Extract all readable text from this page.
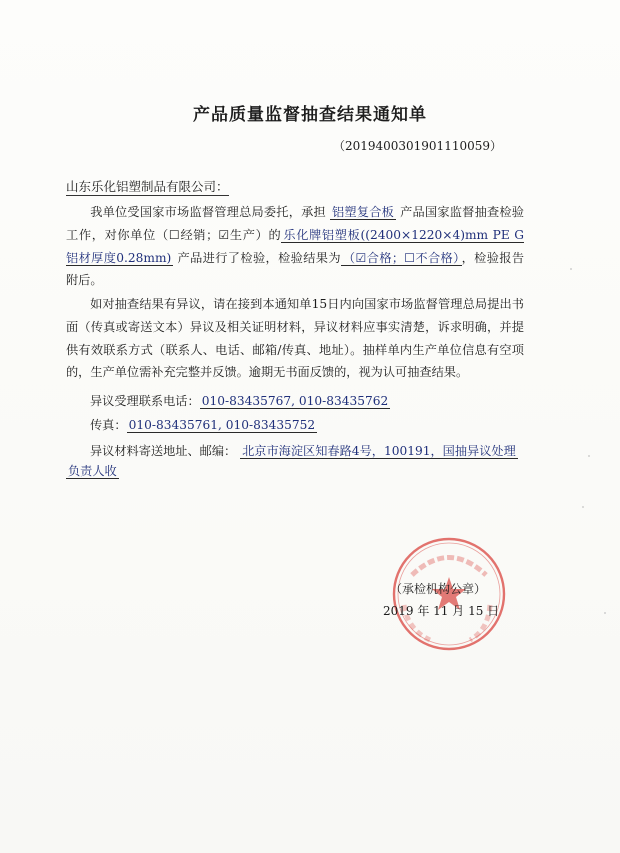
产品质量监督抽查结果通知单
（2019400301901110059）
山东乐化铝塑制品有限公司：
我单位受国家市场监督管理总局委托，承担 铝塑复合板 产品国家监督抽查检验工作，对你单位（☐经销；☑生产）的 乐化牌铝塑板((2400×1220×4)mm PE G 铝材厚度0.28mm) 产品进行了检验，检验结果为 （☑合格；☐不合格） ，检验报告附后。
如对抽查结果有异议，请在接到本通知单15日内向国家市场监督管理总局提出书面（传真或寄送文本）异议及相关证明材料，异议材料应事实清楚，诉求明确，并提供有效联系方式（联系人、电话、邮箱/传真、地址）。抽样单内生产单位信息有空项的，生产单位需补充完整并反馈。逾期无书面反馈的，视为认可抽查结果。
异议受理联系电话： 010-83435767, 010-83435762
传真： 010-83435761, 010-83435752
异议材料寄送地址、邮编： 北京市海淀区知春路4号，100191，国抽异议处理
负责人收
（承检机构公章）
2019 年 11 月 15 日
